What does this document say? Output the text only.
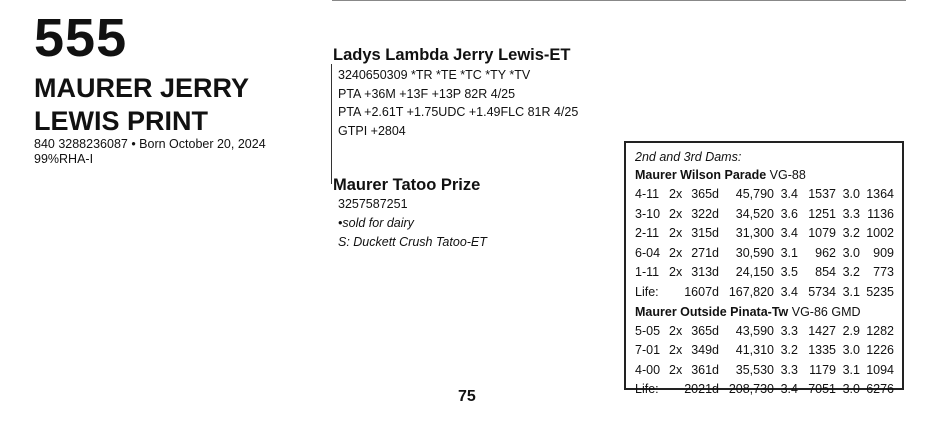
555
MAURER JERRY LEWIS PRINT
840 3288236087 • Born October 20, 2024
99%RHA-I
Ladys Lambda Jerry Lewis-ET
3240650309 *TR *TE *TC *TY *TV
PTA +36M +13F +13P 82R 4/25
PTA +2.61T +1.75UDC +1.49FLC 81R 4/25
GTPI +2804
Maurer Tatoo Prize
3257587251
•sold for dairy
S: Duckett Crush Tatoo-ET
2nd and 3rd Dams:
Maurer Wilson Parade VG-88
4-11 2x 365d	45,790 3.4 1537 3.0 1364
3-10 2x 322d	34,520 3.6 1251 3.3 1136
2-11 2x 315d	31,300 3.4 1079 3.2 1002
6-04 2x 271d	30,590 3.1	962 3.0	909
1-11 2x 313d	24,150 3.5	854 3.2	773
Life:	1607d 167,820 3.4 5734 3.1 5235
Maurer Outside Pinata-Tw VG-86 GMD
5-05 2x 365d	43,590 3.3 1427 2.9 1282
7-01 2x 349d	41,310 3.2 1335 3.0 1226
4-00 2x 361d	35,530 3.3 1179 3.1 1094
Life:	2021d 208,730 3.4 7051 3.0 6276
75
